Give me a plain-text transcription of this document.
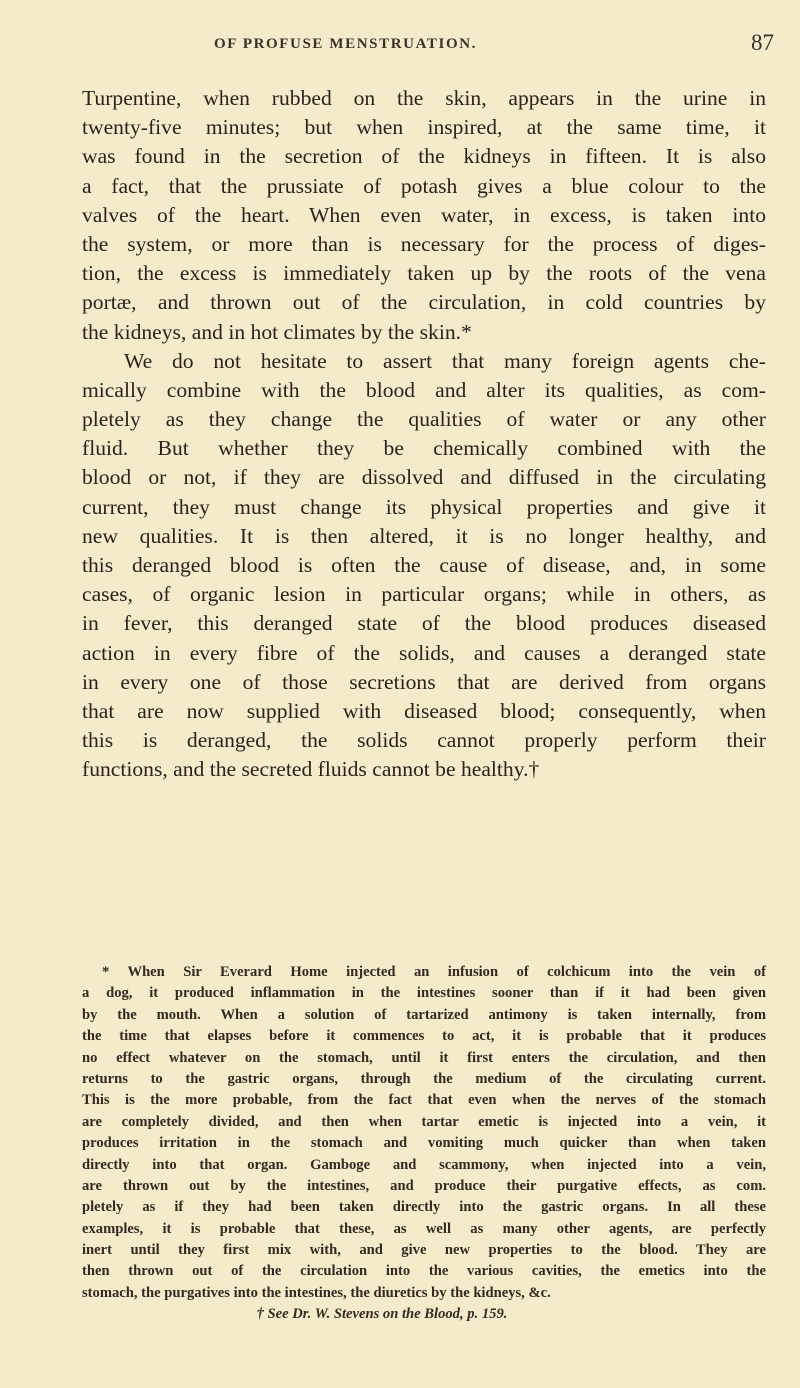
OF PROFUSE MENSTRUATION.	87
Turpentine, when rubbed on the skin, appears in the urine in
twenty-five minutes; but when inspired, at the same time, it
was found in the secretion of the kidneys in fifteen. It is also
a fact, that the prussiate of potash gives a blue colour to the
valves of the heart. When even water, in excess, is taken into
the system, or more than is necessary for the process of diges-
tion, the excess is immediately taken up by the roots of the vena
portæ, and thrown out of the circulation, in cold countries by
the kidneys, and in hot climates by the skin.*
We do not hesitate to assert that many foreign agents che-
mically combine with the blood and alter its qualities, as com-
pletely as they change the qualities of water or any other
fluid. But whether they be chemically combined with the
blood or not, if they are dissolved and diffused in the circulating
current, they must change its physical properties and give it
new qualities. It is then altered, it is no longer healthy, and
this deranged blood is often the cause of disease, and, in some
cases, of organic lesion in particular organs; while in others, as
in fever, this deranged state of the blood produces diseased
action in every fibre of the solids, and causes a deranged state
in every one of those secretions that are derived from organs
that are now supplied with diseased blood; consequently, when
this is deranged, the solids cannot properly perform their
functions, and the secreted fluids cannot be healthy.†
* When Sir Everard Home injected an infusion of colchicum into the vein of
a dog, it produced inflammation in the intestines sooner than if it had been given
by the mouth. When a solution of tartarized antimony is taken internally, from
the time that elapses before it commences to act, it is probable that it produces
no effect whatever on the stomach, until it first enters the circulation, and then
returns to the gastric organs, through the medium of the circulating current.
This is the more probable, from the fact that even when the nerves of the stomach
are completely divided, and then when tartar emetic is injected into a vein, it
produces irritation in the stomach and vomiting much quicker than when taken
directly into that organ. Gamboge and scammony, when injected into a vein,
are thrown out by the intestines, and produce their purgative effects, as com.
pletely as if they had been taken directly into the gastric organs. In all these
examples, it is probable that these, as well as many other agents, are perfectly
inert until they first mix with, and give new properties to the blood. They are
then thrown out of the circulation into the various cavities, the emetics into the
stomach, the purgatives into the intestines, the diuretics by the kidneys, &c.
† See Dr. W. Stevens on the Blood, p. 159.
